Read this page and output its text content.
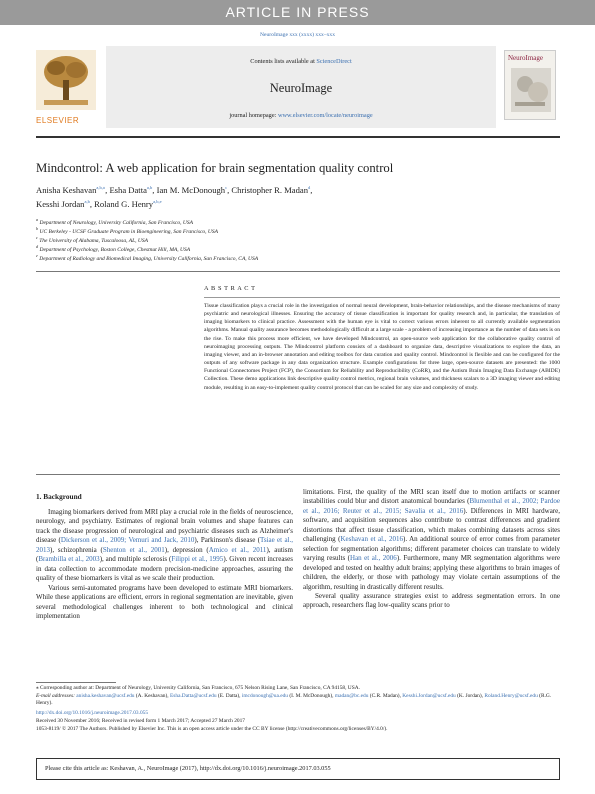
ARTICLE IN PRESS
NeuroImage xxx (xxxx) xxx–xxx
ELSEVIER
Contents lists available at ScienceDirect
NeuroImage
journal homepage: www.elsevier.com/locate/neuroimage
NeuroImage
Mindcontrol: A web application for brain segmentation quality control
Anisha Keshavan$^{a,b,⁎}$, Esha Datta$^{a,b}$, Ian M. McDonough$^c$, Christopher R. Madan$^d$,
Kesshi Jordan$^{a,b}$, Roland G. Henry$^{a,b,e}$
$^a$ Department of Neurology, University California, San Francisco, USA
$^b$ UC Berkeley - UCSF Graduate Program in Bioengineering, San Francisco, USA
$^c$ The University of Alabama, Tuscaloosa, AL, USA
$^d$ Department of Psychology, Boston College, Chestnut Hill, MA, USA
$^e$ Department of Radiology and Biomedical Imaging, University California, San Francisco, CA, USA
A B S T R A C T
Tissue classification plays a crucial role in the investigation of normal neural development, brain-behavior relationships, and the disease mechanisms of many psychiatric and neurological illnesses. Ensuring the accuracy of tissue classification is important for quality research and, in particular, the translation of imaging biomarkers to clinical practice. Assessment with the human eye is vital to correct various errors inherent to all currently available segmentation algorithms. Manual quality assurance becomes methodologically difficult at a large scale - a problem of increasing importance as the number of data sets is on the rise. To make this process more efficient, we have developed Mindcontrol, an open-source web application for the collaborative quality control of neuroimaging processing outputs. The Mindcontrol platform consists of a dashboard to organize data, descriptive visualizations to explore the data, an imaging viewer, and an in-browser annotation and editing toolbox for data curation and quality control. Mindcontrol is flexible and can be configured for the outputs of any software package in any data organization structure. Example configurations for three large, open-source datasets are presented: the 1000 Functional Connectomes Project (FCP), the Consortium for Reliability and Reproducibility (CoRR), and the Autism Brain Imaging Data Exchange (ABIDE) Collection. These demo applications link descriptive quality control metrics, regional brain volumes, and thickness scalars to a 3D imaging viewer and editing module, resulting in an easy-to-implement quality control protocol that can be scaled for any size and complexity of study.
1. Background

Imaging biomarkers derived from MRI play a crucial role in the fields of neuroscience, neurology, and psychiatry. Estimates of regional brain volumes and shape features can track the disease progression of neurological and psychiatric diseases such as Alzheimer's disease (Dickerson et al., 2009; Vemuri and Jack, 2010), Parkinson's disease (Tsiae et al., 2013), schizophrenia (Shenton et al., 2001), depression (Amico et al., 2011), autism (Brambilla et al., 2003), and multiple sclerosis (Filippi et al., 1995). Given recent increases in data collection to accommodate modern precision-medicine approaches, assuring the quality of these biomarkers is vital as we scale their production.

Various semi-automated programs have been developed to estimate MRI biomarkers. While these applications are efficient, errors in regional segmentation are inevitable, given several methodological challenges inherent to both technological and clinical implementation

limitations. First, the quality of the MRI scan itself due to motion artifacts or scanner instabilities could blur and distort anatomical boundaries (Blumenthal et al., 2002; Pardoe et al., 2016; Reuter et al., 2015; Savalia et al., 2016). Differences in MRI hardware, software, and acquisition sequences also contribute to contrast differences and gradient distortions that affect tissue classification, which makes combining datasets across sites challenging (Keshavan et al., 2016). An additional source of error comes from parameter selection for segmentation algorithms; different parameter choices can translate to widely varying results (Han et al., 2006). Furthermore, many MR segmentation algorithms were developed and tested on healthy adult brains; applying these algorithms to brain images of children, the elderly, or those with pathology may violate certain assumptions of the algorithm, resulting in drastically different results.

Several quality assurance strategies exist to address segmentation errors. In one approach, researchers flag low-quality scans prior to

⁎ Corresponding author at: Department of Neurology, University California, San Francisco, 675 Nelson Rising Lane, San Francisco, CA 94158, USA.
E-mail addresses: anisha.keshavan@ucsf.edu (A. Keshavan), Esha.Datta@ucsf.edu (E. Datta), imcdonough@ua.edu (I. M. McDonough), madan@bc.edu (C.R. Madan), Kesshi.Jordan@ucsf.edu (K. Jordan), Roland.Henry@ucsf.edu (R.G. Henry).
http://dx.doi.org/10.1016/j.neuroimage.2017.03.055
Received 30 November 2016; Received in revised form 1 March 2017; Accepted 27 March 2017
1053-8119/ © 2017 The Authors. Published by Elsevier Inc. This is an open access article under the CC BY license (http://creativecommons.org/licenses/BY/4.0/).
Please cite this article as: Keshavan, A., NeuroImage (2017), http://dx.doi.org/10.1016/j.neuroimage.2017.03.055
